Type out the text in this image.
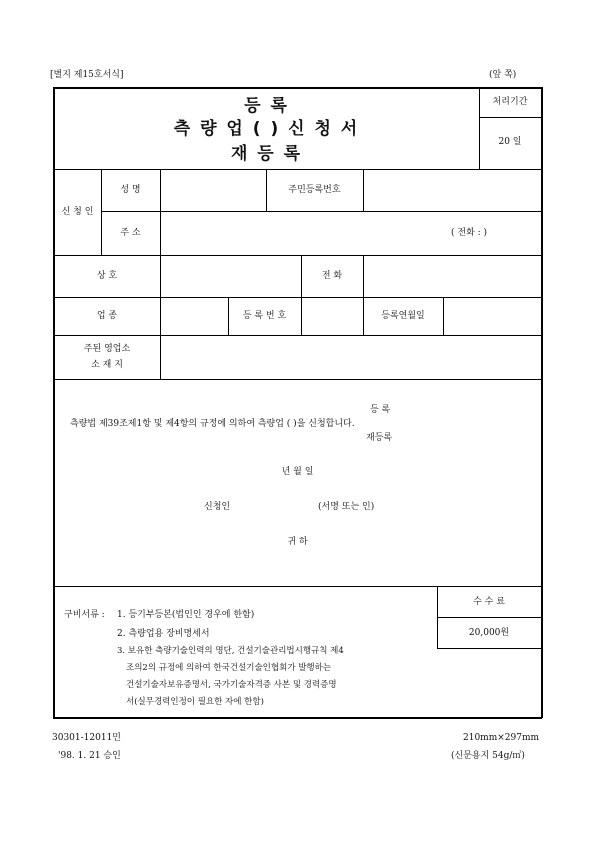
[별지 제15호서식]	(앞 쪽)
등 록
측 량 업 ( ) 신 청 서
재 등 록
처리기간
20 일
신 청 인
성 명	주민등록번호
주 소	( 전화 : )
상 호	전 화
업 종	등 록 번 호	등록연월일
주된 영업소
소 재 지
등 록
측량법 제39조제1항 및 제4항의 규정에 의하여 측량업 ( )을 신청합니다.
재등록
년 월 일
신청인	(서명 또는 인)
귀 하
구비서류 : 1. 등기부등본(법인인 경우에 한함)
2. 측량업용 장비명세서
3. 보유한 측량기술인력의 명단, 건설기술관리법시행규칙 제4
조의2의 규정에 의하여 한국건설기술인협회가 발행하는
건설기술자보유증명서, 국가기술자격증 사본 및 경력증명
서(실무경력인정이 필요한 자에 한함)
수 수 료
20,000원
30301-12011민
'98. 1. 21 승인
210mm×297mm
(신문용지 54g/㎡)
